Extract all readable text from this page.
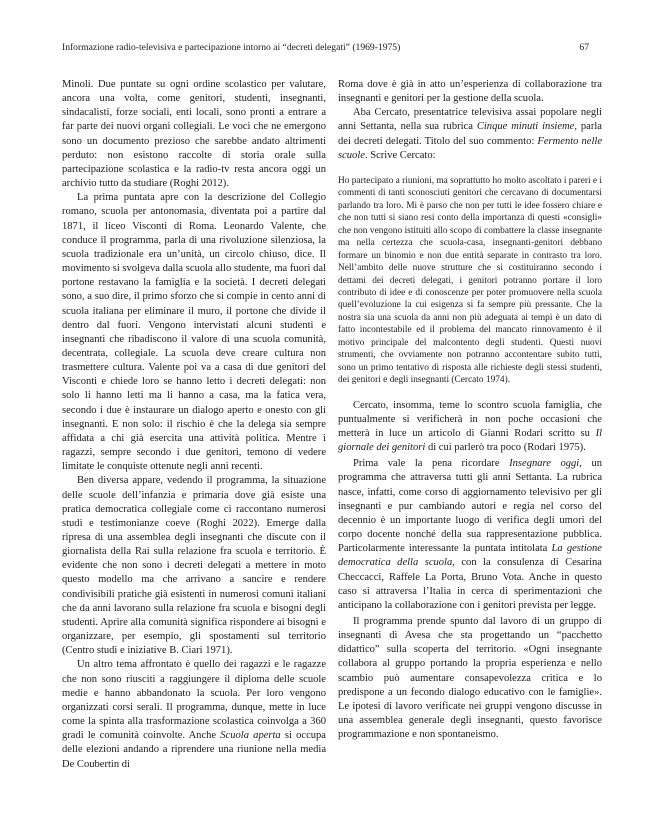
Informazione radio-televisiva e partecipazione intorno ai “decreti delegati” (1969-1975)	67

Minoli. Due puntate su ogni ordine scolastico per valutare, ancora una volta, come genitori, studenti, insegnanti, sindacalisti, forze sociali, enti locali, sono pronti a entrare a far parte dei nuovi organi collegiali. Le voci che ne emergono sono un documento prezioso che sarebbe andato altrimenti perduto: non esistono raccolte di storia orale sulla partecipazione scolastica e la radio-tv resta ancora oggi un archivio tutto da studiare (Roghi 2012).

La prima puntata apre con la descrizione del Collegio romano, scuola per antonomasia, diventata poi a partire dal 1871, il liceo Visconti di Roma. Leonardo Valente, che conduce il programma, parla di una rivoluzione silenziosa, la scuola tradizionale era un’unità, un circolo chiuso, dice. Il movimento si svolgeva dalla scuola allo studente, ma fuori dal portone restavano la famiglia e la società. I decreti delegati sono, a suo dire, il primo sforzo che si compie in cento anni di scuola italiana per eliminare il muro, il portone che divide il dentro dal fuori. Vengono intervistati alcuni studenti e insegnanti che ribadiscono il valore di una scuola comunità, decentrata, collegiale. La scuola deve creare cultura non trasmettere cultura. Valente poi va a casa di due genitori del Visconti e chiede loro se hanno letto i decreti delegati: non solo li hanno letti ma li hanno a casa, ma la fatica vera, secondo i due è instaurare un dialogo aperto e onesto con gli insegnanti. E non solo: il rischio è che la delega sia sempre affidata a chi già esercita una attività politica. Mentre i ragazzi, sempre secondo i due genitori, temono di vedere limitate le conquiste ottenute negli anni recenti.

Ben diversa appare, vedendo il programma, la situazione delle scuole dell’infanzia e primaria dove già esiste una pratica democratica collegiale come ci raccontano numerosi studi e testimonianze coeve (Roghi 2022). Emerge dalla ripresa di una assemblea degli insegnanti che discute con il giornalista della Rai sulla relazione fra scuola e territorio. È evidente che non sono i decreti delegati a mettere in moto questo modello ma che arrivano a sancire e rendere condivisibili pratiche già esistenti in numerosi comuni italiani che da anni lavorano sulla relazione fra scuola e bisogni degli studenti. Aprire alla comunità significa rispondere ai bisogni e organizzare, per esempio, gli spostamenti sul territorio (Centro studi e iniziative B. Ciari 1971).

Un altro tema affrontato è quello dei ragazzi e le ragazze che non sono riusciti a raggiungere il diploma delle scuole medie e hanno abbandonato la scuola. Per loro vengono organizzati corsi serali. Il programma, dunque, mette in luce come la spinta alla trasformazione scolastica coinvolga a 360 gradi le comunità coinvolte. Anche Scuola aperta si occupa delle elezioni andando a riprendere una riunione nella media De Coubertin di

Roma dove è già in atto un’esperienza di collaborazione tra insegnanti e genitori per la gestione della scuola.

Aba Cercato, presentatrice televisiva assai popolare negli anni Settanta, nella sua rubrica Cinque minuti insieme, parla dei decreti delegati. Titolo del suo commento: Fermento nelle scuole. Scrive Cercato:

Ho partecipato a riunioni, ma soprattutto ho molto ascoltato i pareri e i commenti di tanti sconosciuti genitori che cercavano di documentarsi parlando tra loro. Mi è parso che non per tutti le idee fossero chiare e che non tutti si siano resi conto della importanza di questi «consigli» che non vengono istituiti allo scopo di combattere la classe insegnante ma nella certezza che scuola-casa, insegnanti-genitori debbano formare un binomio e non due entità separate in contrasto tra loro. Nell’ambito delle nuove strutture che si costituiranno secondo i dettami dei decreti delegati, i genitori potranno portare il loro contributo di idee e di conoscenze per poter promuovere nella scuola quell’evoluzione la cui esigenza si fa sempre più pressante. Che la nostra sia una scuola da anni non più adeguata ai tempi è un dato di fatto incontestabile ed il problema del mancato rinnovamento è il motivo principale del malcontento degli studenti. Questi nuovi strumenti, che ovviamente non potranno accontentare subito tutti, sono un primo tentativo di risposta alle richieste degli stessi studenti, dei genitori e degli insegnanti (Cercato 1974).

Cercato, insomma, teme lo scontro scuola famiglia, che puntualmente si verificherà in non poche occasioni che metterà in luce un articolo di Gianni Rodari scritto su Il giornale dei genitori di cui parlerò tra poco (Rodari 1975).

Prima vale la pena ricordare Insegnare oggi, un programma che attraversa tutti gli anni Settanta. La rubrica nasce, infatti, come corso di aggiornamento televisivo per gli insegnanti e pur cambiando autori e regia nel corso del decennio è un importante luogo di verifica degli umori del corpo docente nonché della sua rappresentazione pubblica. Particolarmente interessante la puntata intitolata La gestione democratica della scuola, con la consulenza di Cesarina Checcacci, Raffele La Porta, Bruno Vota. Anche in questo caso si attraversa l’Italia in cerca di sperimentazioni che anticipano la collaborazione con i genitori prevista per legge.

Il programma prende spunto dal lavoro di un gruppo di insegnanti di Avesa che sta progettando un “pacchetto didattico” sulla scoperta del territorio. «Ogni insegnante collabora al gruppo portando la propria esperienza e nello scambio può aumentare consapevolezza critica e lo predispone a un fecondo dialogo educativo con le famiglie». Le ipotesi di lavoro verificate nei gruppi vengono discusse in una assemblea generale degli insegnanti, questo favorisce programmazione e non spontaneismo.
